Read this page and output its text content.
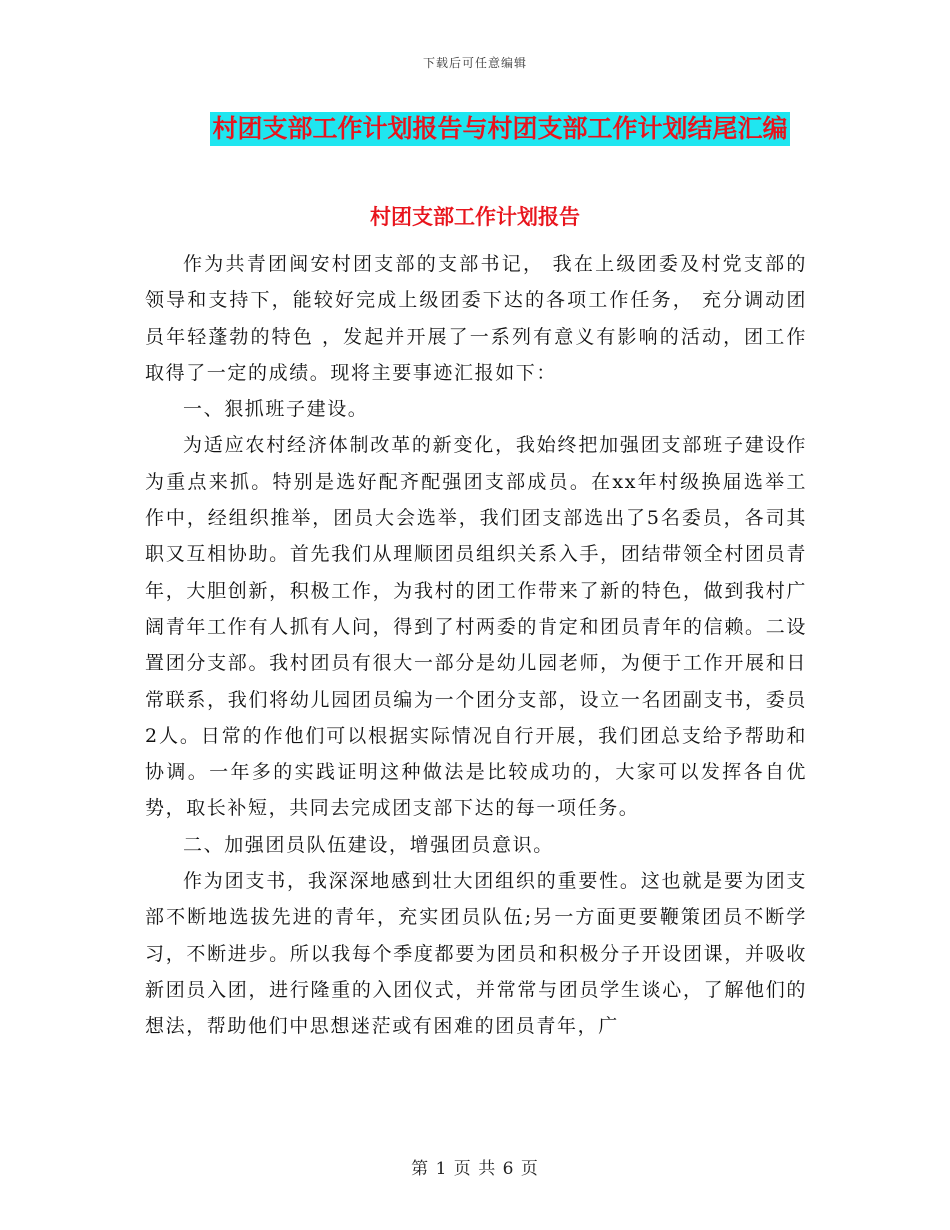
下载后可任意编辑
村团支部工作计划报告与村团支部工作计划结尾汇编
村团支部工作计划报告

作为共青团闽安村团支部的支部书记， 我在上级团委及村党支部的领导和支持下，能较好完成上级团委下达的各项工作任务， 充分调动团员年轻蓬勃的特色 ，发起并开展了一系列有意义有影响的活动，团工作取得了一定的成绩。现将主要事迹汇报如下：

一、狠抓班子建设。

为适应农村经济体制改革的新变化，我始终把加强团支部班子建设作为重点来抓。特别是选好配齐配强团支部成员。在xx年村级换届选举工作中，经组织推举，团员大会选举，我们团支部选出了5名委员，各司其职又互相协助。首先我们从理顺团员组织关系入手，团结带领全村团员青年，大胆创新，积极工作，为我村的团工作带来了新的特色，做到我村广阔青年工作有人抓有人问，得到了村两委的肯定和团员青年的信赖。二设置团分支部。我村团员有很大一部分是幼儿园老师，为便于工作开展和日常联系，我们将幼儿园团员编为一个团分支部，设立一名团副支书，委员2人。日常的作他们可以根据实际情况自行开展，我们团总支给予帮助和协调。一年多的实践证明这种做法是比较成功的，大家可以发挥各自优势，取长补短，共同去完成团支部下达的每一项任务。

二、加强团员队伍建设，增强团员意识。

作为团支书，我深深地感到壮大团组织的重要性。这也就是要为团支部不断地选拔先进的青年，充实团员队伍;另一方面更要鞭策团员不断学习，不断进步。所以我每个季度都要为团员和积极分子开设团课，并吸收新团员入团，进行隆重的入团仪式，并常常与团员学生谈心，了解他们的想法，帮助他们中思想迷茫或有困难的团员青年，广

第 1 页 共 6 页
